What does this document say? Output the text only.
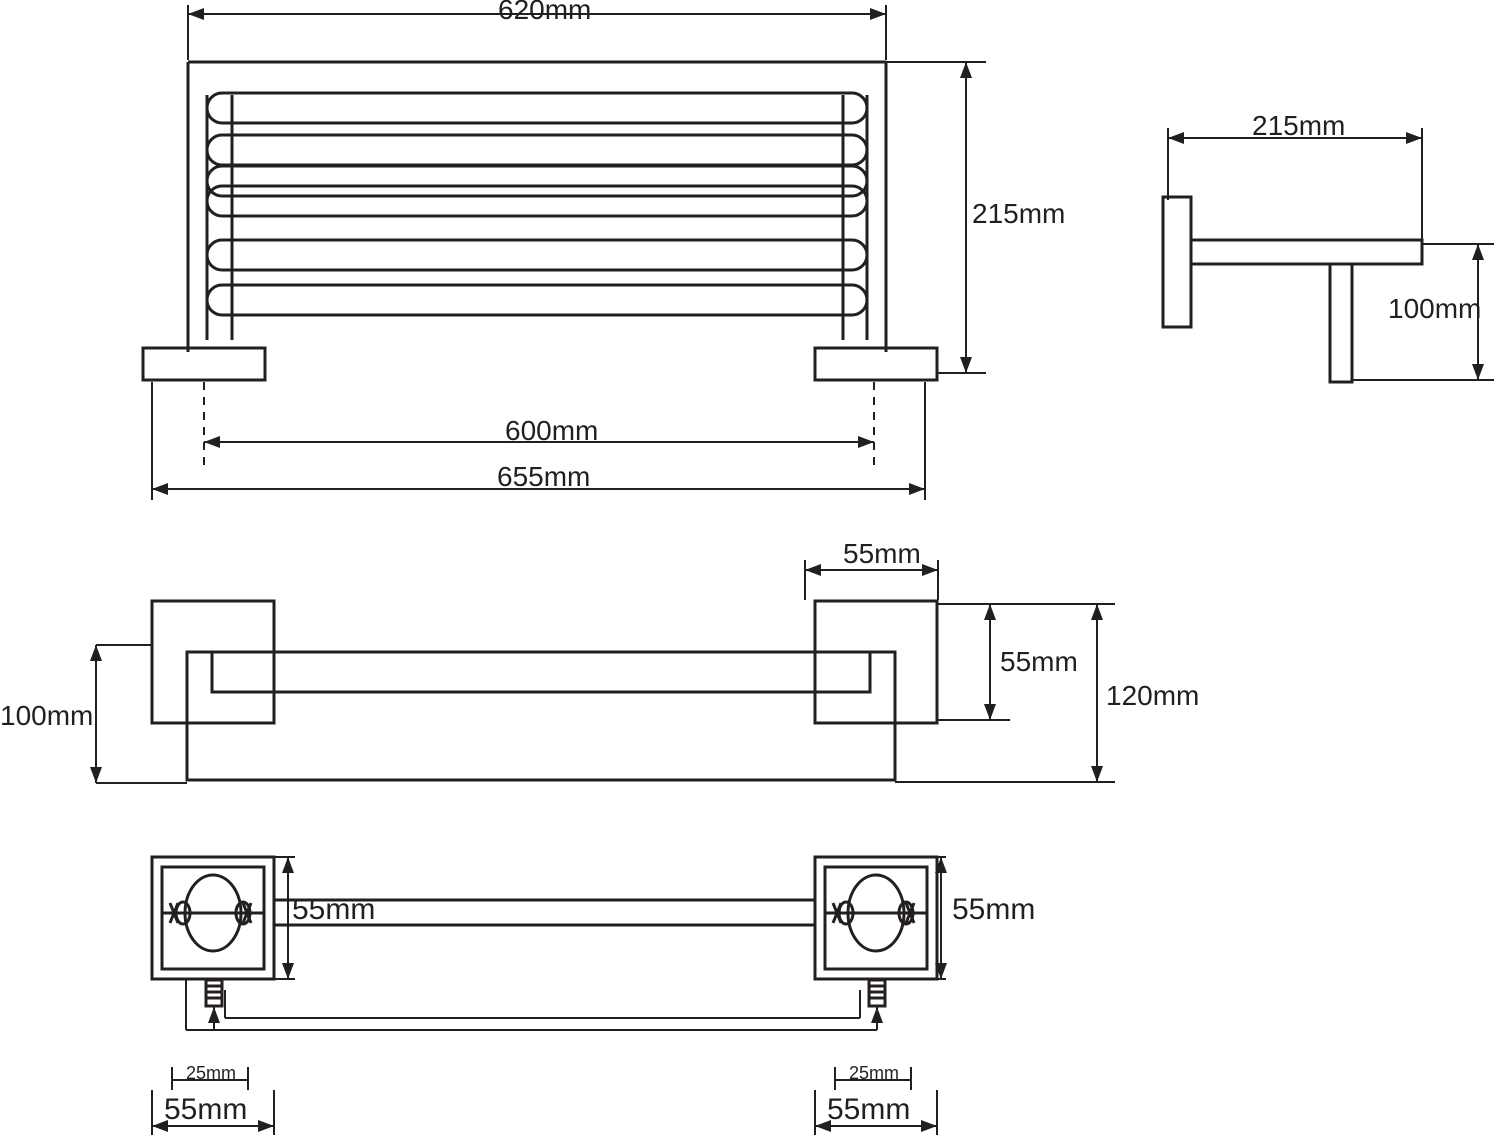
620mm
215mm
600mm
655mm
215mm
100mm
55mm
100mm
55mm
120mm
55mm	55mm
25mm	25mm
55mm	55mm
